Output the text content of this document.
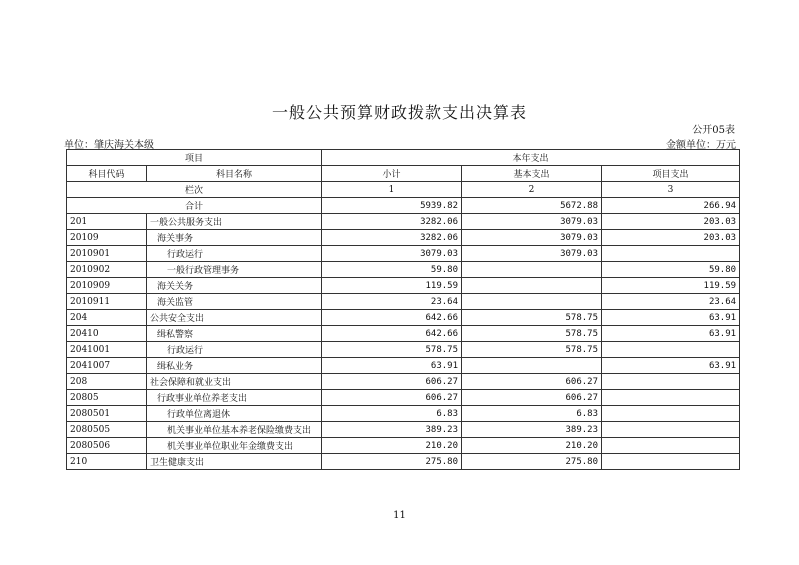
一般公共预算财政拨款支出决算表
公开05表
单位：肇庆海关本级	金额单位：万元
项目		本年支出		
科目代码	科目名称	小计	基本支出	项目支出
栏次		1	2	3
合计		5939.82	5672.88	266.94
201	一般公共服务支出	3282.06	3079.03	203.03
20109	海关事务	3282.06	3079.03	203.03
2010901	行政运行	3079.03	3079.03	
2010902	一般行政管理事务	59.80		59.80
2010909	海关关务	119.59		119.59
2010911	海关监管	23.64		23.64
204	公共安全支出	642.66	578.75	63.91
20410	缉私警察	642.66	578.75	63.91
2041001	行政运行	578.75	578.75	
2041007	缉私业务	63.91		63.91
208	社会保障和就业支出	606.27	606.27	
20805	行政事业单位养老支出	606.27	606.27	
2080501	行政单位离退休	6.83	6.83	
2080505	机关事业单位基本养老保险缴费支出	389.23	389.23	
2080506	机关事业单位职业年金缴费支出	210.20	210.20	
210	卫生健康支出	275.80	275.80	
11
